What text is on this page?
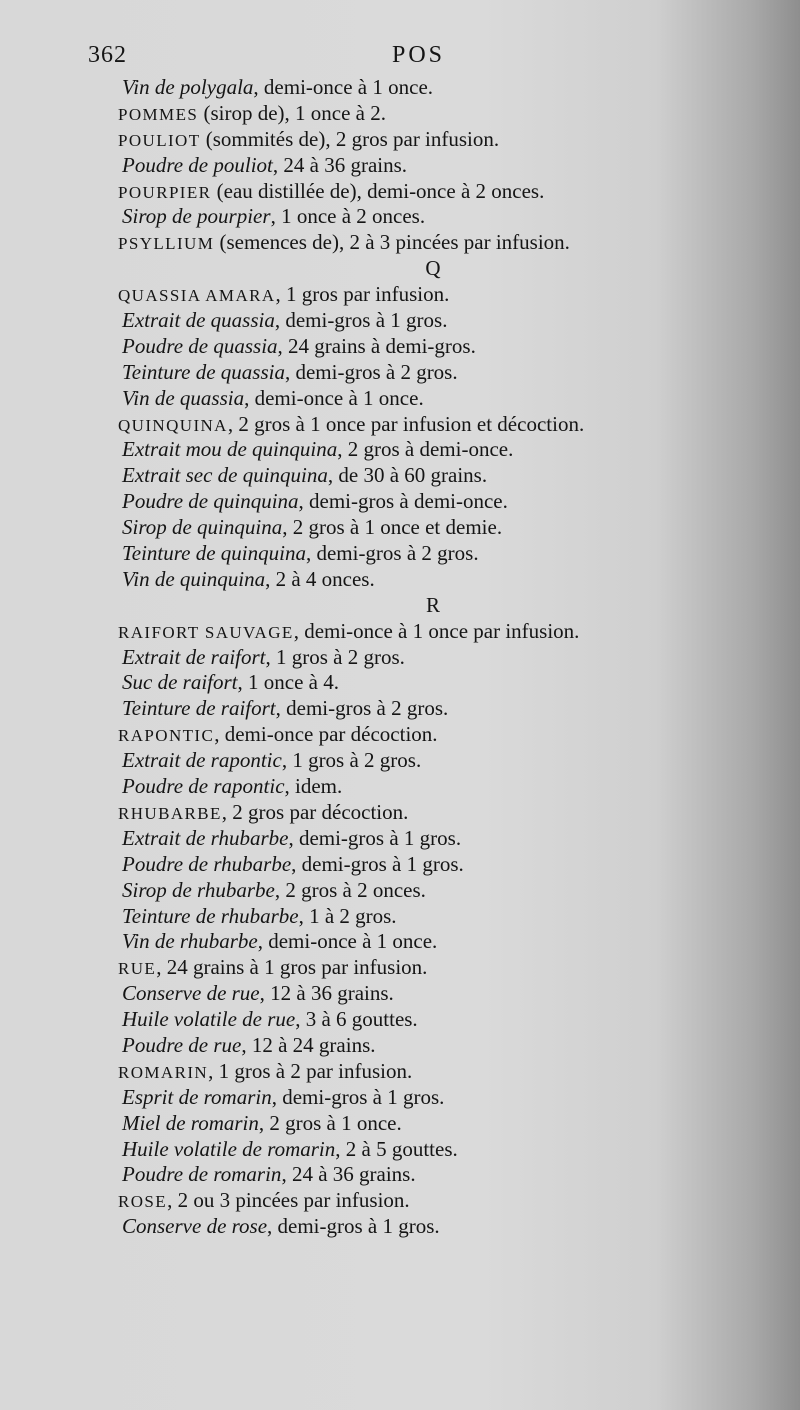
362	POS
Vin de polygala, demi-once à 1 once.
POMMES (sirop de), 1 once à 2.
POULIOT (sommités de), 2 gros par infusion.
Poudre de pouliot, 24 à 36 grains.
POURPIER (eau distillée de), demi-once à 2 onces.
Sirop de pourpier, 1 once à 2 onces.
PSYLLIUM (semences de), 2 à 3 pincées par infusion.
Q
QUASSIA AMARA, 1 gros par infusion.
Extrait de quassia, demi-gros à 1 gros.
Poudre de quassia, 24 grains à demi-gros.
Teinture de quassia, demi-gros à 2 gros.
Vin de quassia, demi-once à 1 once.
QUINQUINA, 2 gros à 1 once par infusion et décoction.
Extrait mou de quinquina, 2 gros à demi-once.
Extrait sec de quinquina, de 30 à 60 grains.
Poudre de quinquina, demi-gros à demi-once.
Sirop de quinquina, 2 gros à 1 once et demie.
Teinture de quinquina, demi-gros à 2 gros.
Vin de quinquina, 2 à 4 onces.
R
RAIFORT SAUVAGE, demi-once à 1 once par infusion.
Extrait de raifort, 1 gros à 2 gros.
Suc de raifort, 1 once à 4.
Teinture de raifort, demi-gros à 2 gros.
RAPONTIC, demi-once par décoction.
Extrait de rapontic, 1 gros à 2 gros.
Poudre de rapontic, idem.
RHUBARBE, 2 gros par décoction.
Extrait de rhubarbe, demi-gros à 1 gros.
Poudre de rhubarbe, demi-gros à 1 gros.
Sirop de rhubarbe, 2 gros à 2 onces.
Teinture de rhubarbe, 1 à 2 gros.
Vin de rhubarbe, demi-once à 1 once.
RUE, 24 grains à 1 gros par infusion.
Conserve de rue, 12 à 36 grains.
Huile volatile de rue, 3 à 6 gouttes.
Poudre de rue, 12 à 24 grains.
ROMARIN, 1 gros à 2 par infusion.
Esprit de romarin, demi-gros à 1 gros.
Miel de romarin, 2 gros à 1 once.
Huile volatile de romarin, 2 à 5 gouttes.
Poudre de romarin, 24 à 36 grains.
ROSE, 2 ou 3 pincées par infusion.
Conserve de rose, demi-gros à 1 gros.
